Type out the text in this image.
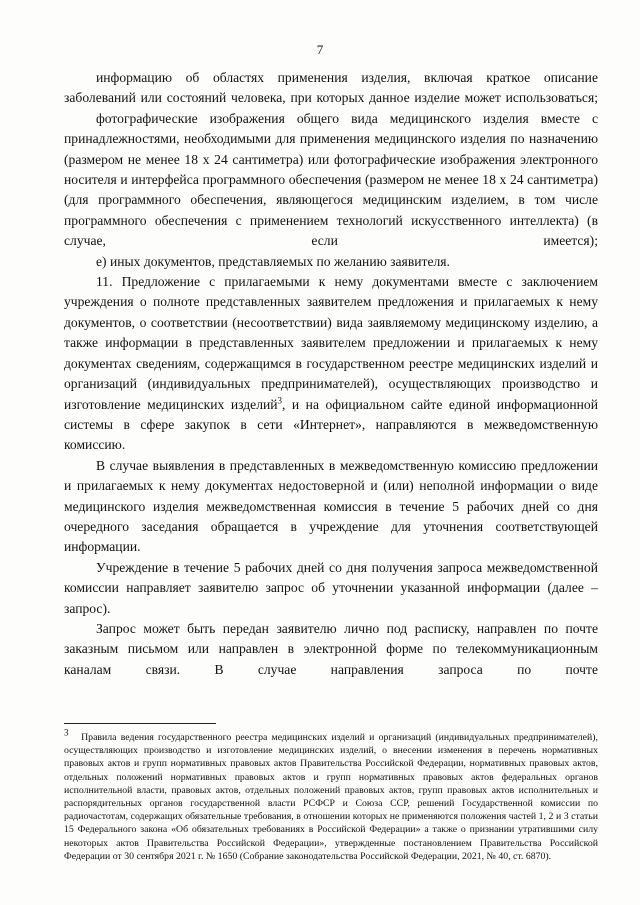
7

информацию об областях применения изделия, включая краткое описание заболеваний или состояний человека, при которых данное изделие может использоваться;

фотографические изображения общего вида медицинского изделия вместе с принадлежностями, необходимыми для применения медицинского изделия по назначению (размером не менее 18 x 24 сантиметра) или фотографические изображения электронного носителя и интерфейса программного обеспечения (размером не менее 18 x 24 сантиметра) (для программного обеспечения, являющегося медицинским изделием, в том числе программного обеспечения с применением технологий искусственного интеллекта) (в случае, если имеется);

е) иных документов, представляемых по желанию заявителя.

11. Предложение с прилагаемыми к нему документами вместе с заключением учреждения о полноте представленных заявителем предложения и прилагаемых к нему документов, о соответствии (несоответствии) вида заявляемому медицинскому изделию, а также информации в представленных заявителем предложении и прилагаемых к нему документах сведениям, содержащимся в государственном реестре медицинских изделий и организаций (индивидуальных предпринимателей), осуществляющих производство и изготовление медицинских изделий$^3$, и на официальном сайте единой информационной системы в сфере закупок в сети «Интернет», направляются в межведомственную комиссию.

В случае выявления в представленных в межведомственную комиссию предложении и прилагаемых к нему документах недостоверной и (или) неполной информации о виде медицинского изделия межведомственная комиссия в течение 5 рабочих дней со дня очередного заседания обращается в учреждение для уточнения соответствующей информации.

Учреждение в течение 5 рабочих дней со дня получения запроса межведомственной комиссии направляет заявителю запрос об уточнении указанной информации (далее – запрос).

Запрос может быть передан заявителю лично под расписку, направлен по почте заказным письмом или направлен в электронной форме по телекоммуникационным каналам связи. В случае направления запроса по почте

$^3$ Правила ведения государственного реестра медицинских изделий и организаций (индивидуальных предпринимателей), осуществляющих производство и изготовление медицинских изделий, о внесении изменения в перечень нормативных правовых актов и групп нормативных правовых актов Правительства Российской Федерации, нормативных правовых актов, отдельных положений нормативных правовых актов и групп нормативных правовых актов федеральных органов исполнительной власти, правовых актов, отдельных положений правовых актов, групп правовых актов исполнительных и распорядительных органов государственной власти РСФСР и Союза ССР, решений Государственной комиссии по радиочастотам, содержащих обязательные требования, в отношении которых не применяются положения частей 1, 2 и 3 статьи 15 Федерального закона «Об обязательных требованиях в Российской Федерации» а также о признании утратившими силу некоторых актов Правительства Российской Федерации», утвержденные постановлением Правительства Российской Федерации от 30 сентября 2021 г. № 1650 (Собрание законодательства Российской Федерации, 2021, № 40, ст. 6870).
